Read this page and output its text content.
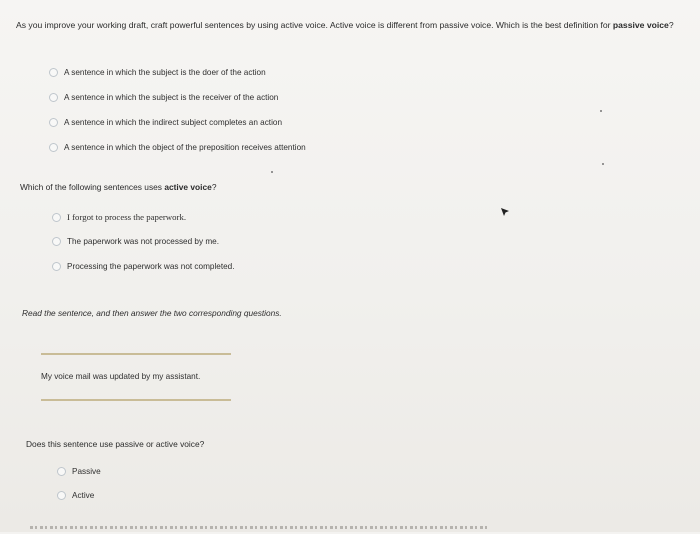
As you improve your working draft, craft powerful sentences by using active voice. Active voice is different from passive voice. Which is the best definition for passive voice?
A sentence in which the subject is the doer of the action
A sentence in which the subject is the receiver of the action
A sentence in which the indirect subject completes an action
A sentence in which the object of the preposition receives attention
Which of the following sentences uses active voice?
I forgot to process the paperwork.
The paperwork was not processed by me.
Processing the paperwork was not completed.
Read the sentence, and then answer the two corresponding questions.
My voice mail was updated by my assistant.
Does this sentence use passive or active voice?
Passive
Active
